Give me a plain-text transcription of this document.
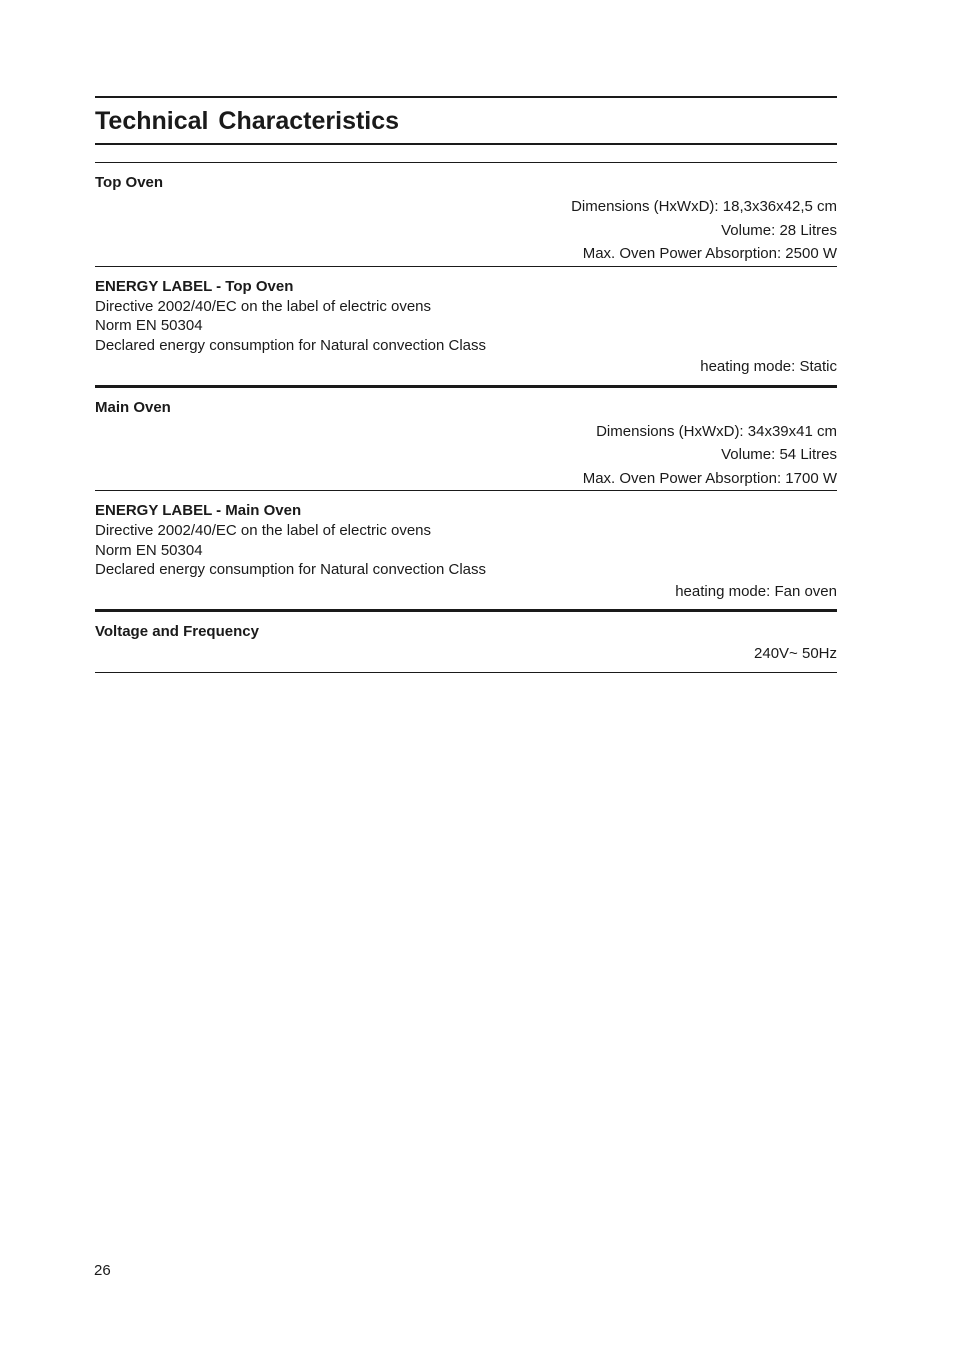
Technical Characteristics
Top Oven
Dimensions (HxWxD): 18,3x36x42,5 cm
Volume: 28 Litres
Max. Oven Power Absorption: 2500 W
ENERGY LABEL - Top Oven
Directive 2002/40/EC on the label of electric ovens
Norm EN 50304
Declared energy consumption for Natural convection Class
heating mode: Static
Main Oven
Dimensions (HxWxD): 34x39x41 cm
Volume: 54 Litres
Max. Oven Power Absorption: 1700 W
ENERGY LABEL - Main Oven
Directive 2002/40/EC on the label of electric ovens
Norm EN 50304
Declared energy consumption for Natural convection Class
heating mode: Fan oven
Voltage and Frequency
240V~ 50Hz
26
